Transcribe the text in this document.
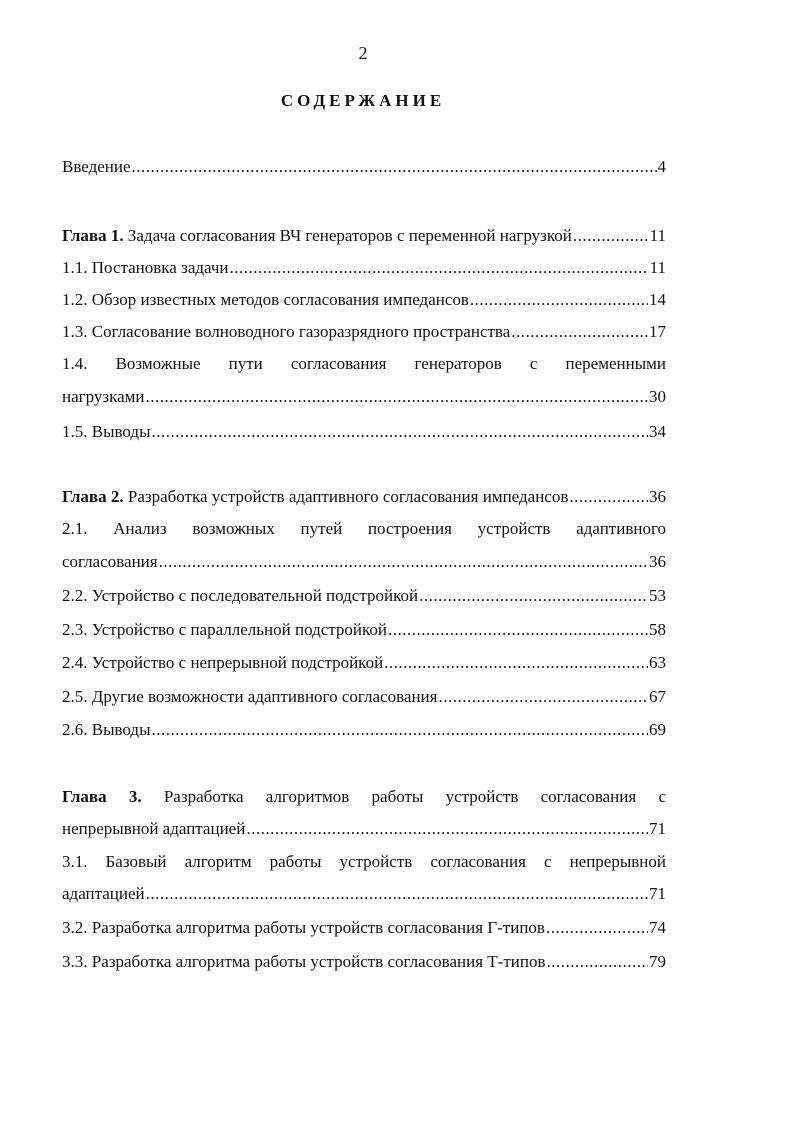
2
СОДЕРЖАНИЕ
Введение .....	4
Глава 1. Задача согласования ВЧ генераторов с переменной нагрузкой .....	11
1.1. Постановка задачи .....	11
1.2. Обзор известных методов согласования импедансов .....	14
1.3. Согласование волноводного газоразрядного пространства .....	17
1.4. Возможные пути согласования генераторов с переменными
нагрузками .....	30
1.5. Выводы .....	34
Глава 2. Разработка устройств адаптивного согласования импедансов .....	36
2.1. Анализ возможных путей построения устройств адаптивного
согласования .....	36
2.2. Устройство с последовательной подстройкой .....	53
2.3. Устройство с параллельной подстройкой .....	58
2.4. Устройство с непрерывной подстройкой .....	63
2.5. Другие возможности адаптивного согласования .....	67
2.6. Выводы .....	69
Глава 3. Разработка алгоритмов работы устройств согласования с
непрерывной адаптацией .....	71
3.1. Базовый алгоритм работы устройств согласования с непрерывной
адаптацией .....	71
3.2. Разработка алгоритма работы устройств согласования Г-типов .....	74
3.3. Разработка алгоритма работы устройств согласования Т-типов .....	79
